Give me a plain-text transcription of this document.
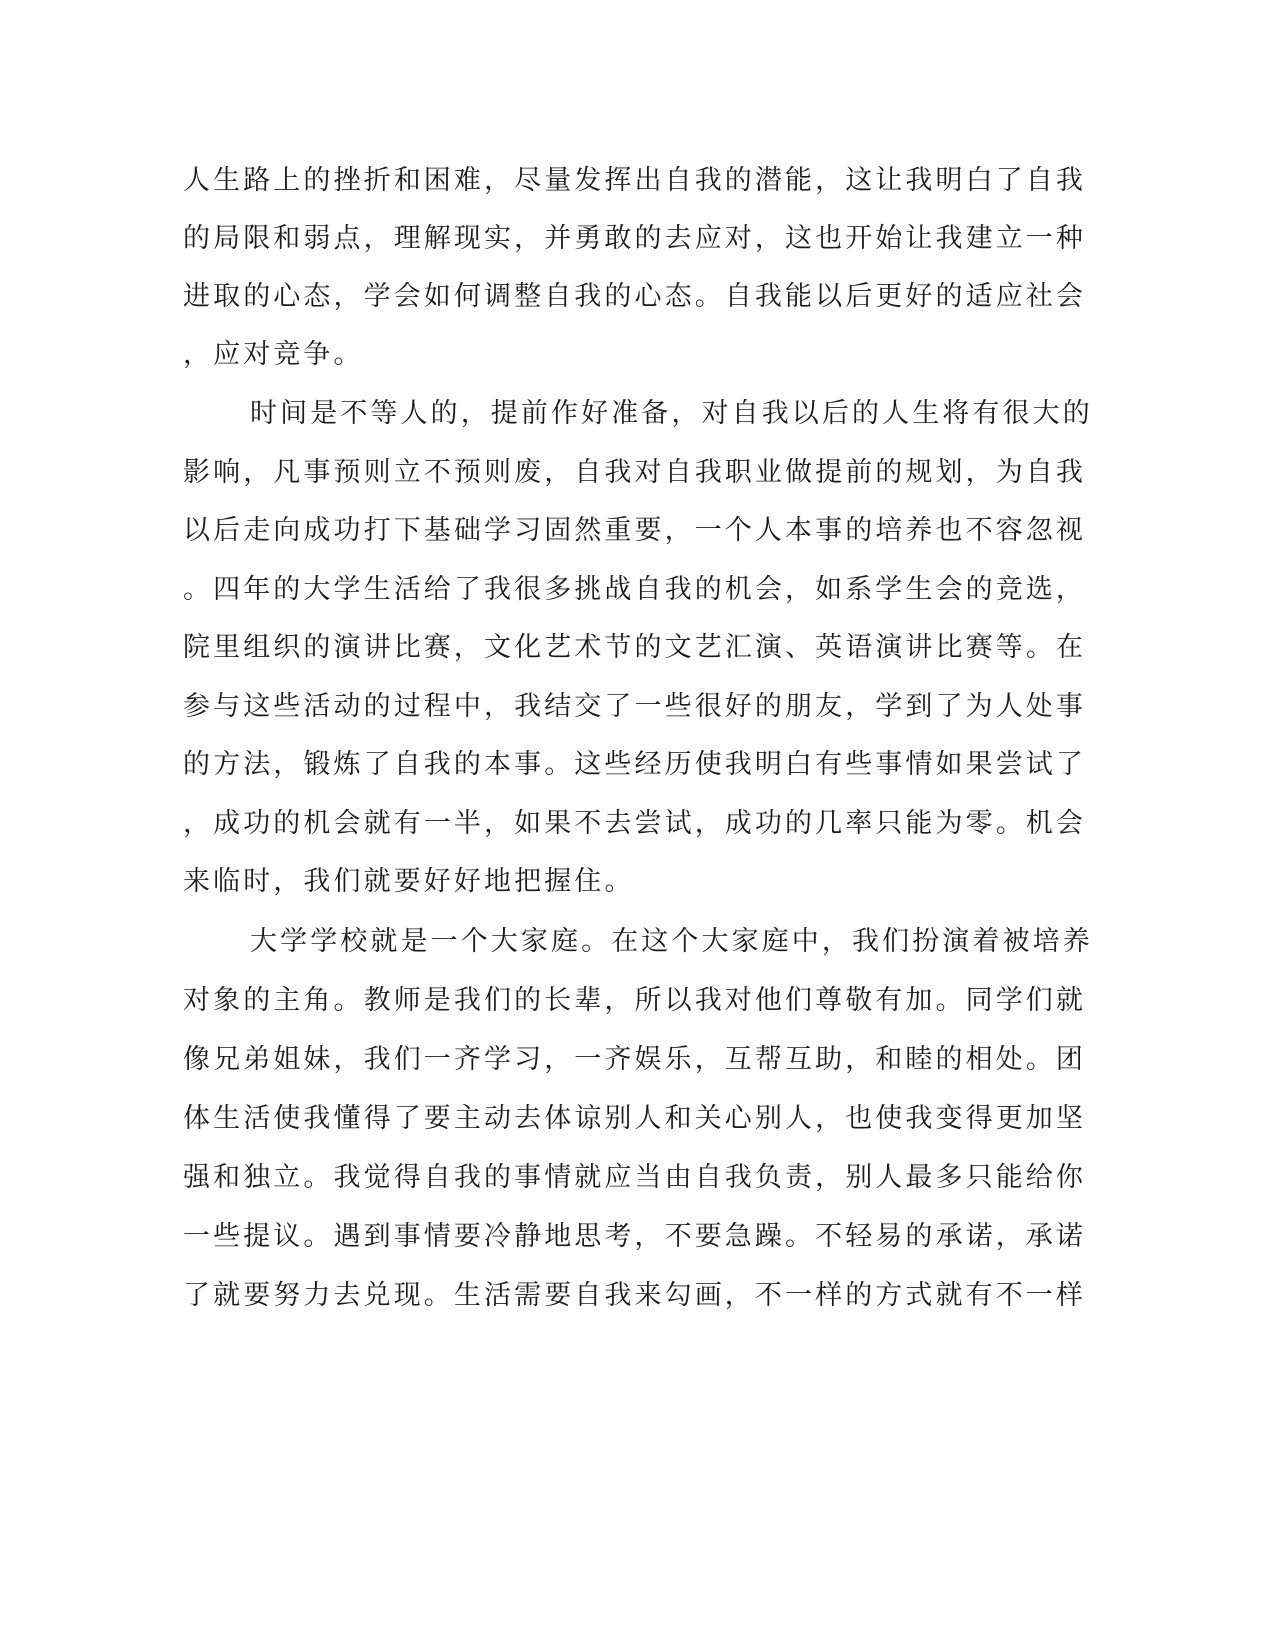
人生路上的挫折和困难，尽量发挥出自我的潜能，这让我明白了自我
的局限和弱点，理解现实，并勇敢的去应对，这也开始让我建立一种
进取的心态，学会如何调整自我的心态。自我能以后更好的适应社会
，应对竞争。
时间是不等人的，提前作好准备，对自我以后的人生将有很大的
影响，凡事预则立不预则废，自我对自我职业做提前的规划，为自我
以后走向成功打下基础学习固然重要，一个人本事的培养也不容忽视
。四年的大学生活给了我很多挑战自我的机会，如系学生会的竞选，
院里组织的演讲比赛，文化艺术节的文艺汇演、英语演讲比赛等。在
参与这些活动的过程中，我结交了一些很好的朋友，学到了为人处事
的方法，锻炼了自我的本事。这些经历使我明白有些事情如果尝试了
，成功的机会就有一半，如果不去尝试，成功的几率只能为零。机会
来临时，我们就要好好地把握住。
大学学校就是一个大家庭。在这个大家庭中，我们扮演着被培养
对象的主角。教师是我们的长辈，所以我对他们尊敬有加。同学们就
像兄弟姐妹，我们一齐学习，一齐娱乐，互帮互助，和睦的相处。团
体生活使我懂得了要主动去体谅别人和关心别人，也使我变得更加坚
强和独立。我觉得自我的事情就应当由自我负责，别人最多只能给你
一些提议。遇到事情要冷静地思考，不要急躁。不轻易的承诺，承诺
了就要努力去兑现。生活需要自我来勾画，不一样的方式就有不一样
